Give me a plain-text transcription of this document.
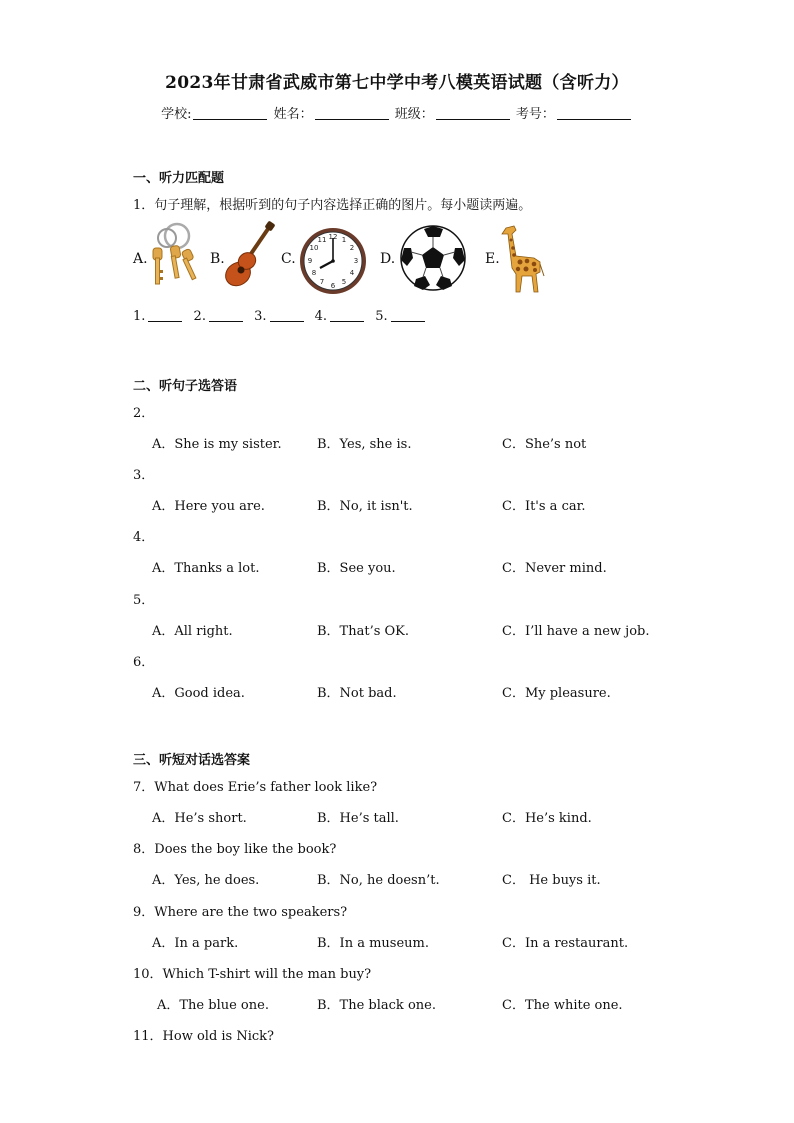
2023年甘肃省武威市第七中学中考八模英语试题（含听力）
学校:	姓名：	班级：	考号：
一、听力匹配题
1．句子理解，根据听到的句子内容选择正确的图片。每小题读两遍。
A.	B.	C.
12 1
2
3
4
5
6
7
8
9
10
11
D.	E.
1.	2.	3.	4.	5.
二、听句子选答语
2．
A．She is my sister.	B．Yes, she is.	C．She’s not
3．
A．Here you are.	B．No, it isn't.	C．It's a car.
4．
A．Thanks a lot.	B．See you.	C．Never mind.
5．
A．All right.	B．That’s OK.	C．I’ll have a new job.
6．
A．Good idea.	B．Not bad.	C．My pleasure.
三、听短对话选答案
7．What does Erie’s father look like?
A．He’s short.	B．He’s tall.	C．He’s kind.
8．Does the boy like the book?
A．Yes, he does.	B．No, he doesn’t.	C． He buys it.
9．Where are the two speakers?
A．In a park.	B．In a museum.	C．In a restaurant.
10．Which T-shirt will the man buy?
A．The blue one.	B．The black one.	C．The white one.
11．How old is Nick?
